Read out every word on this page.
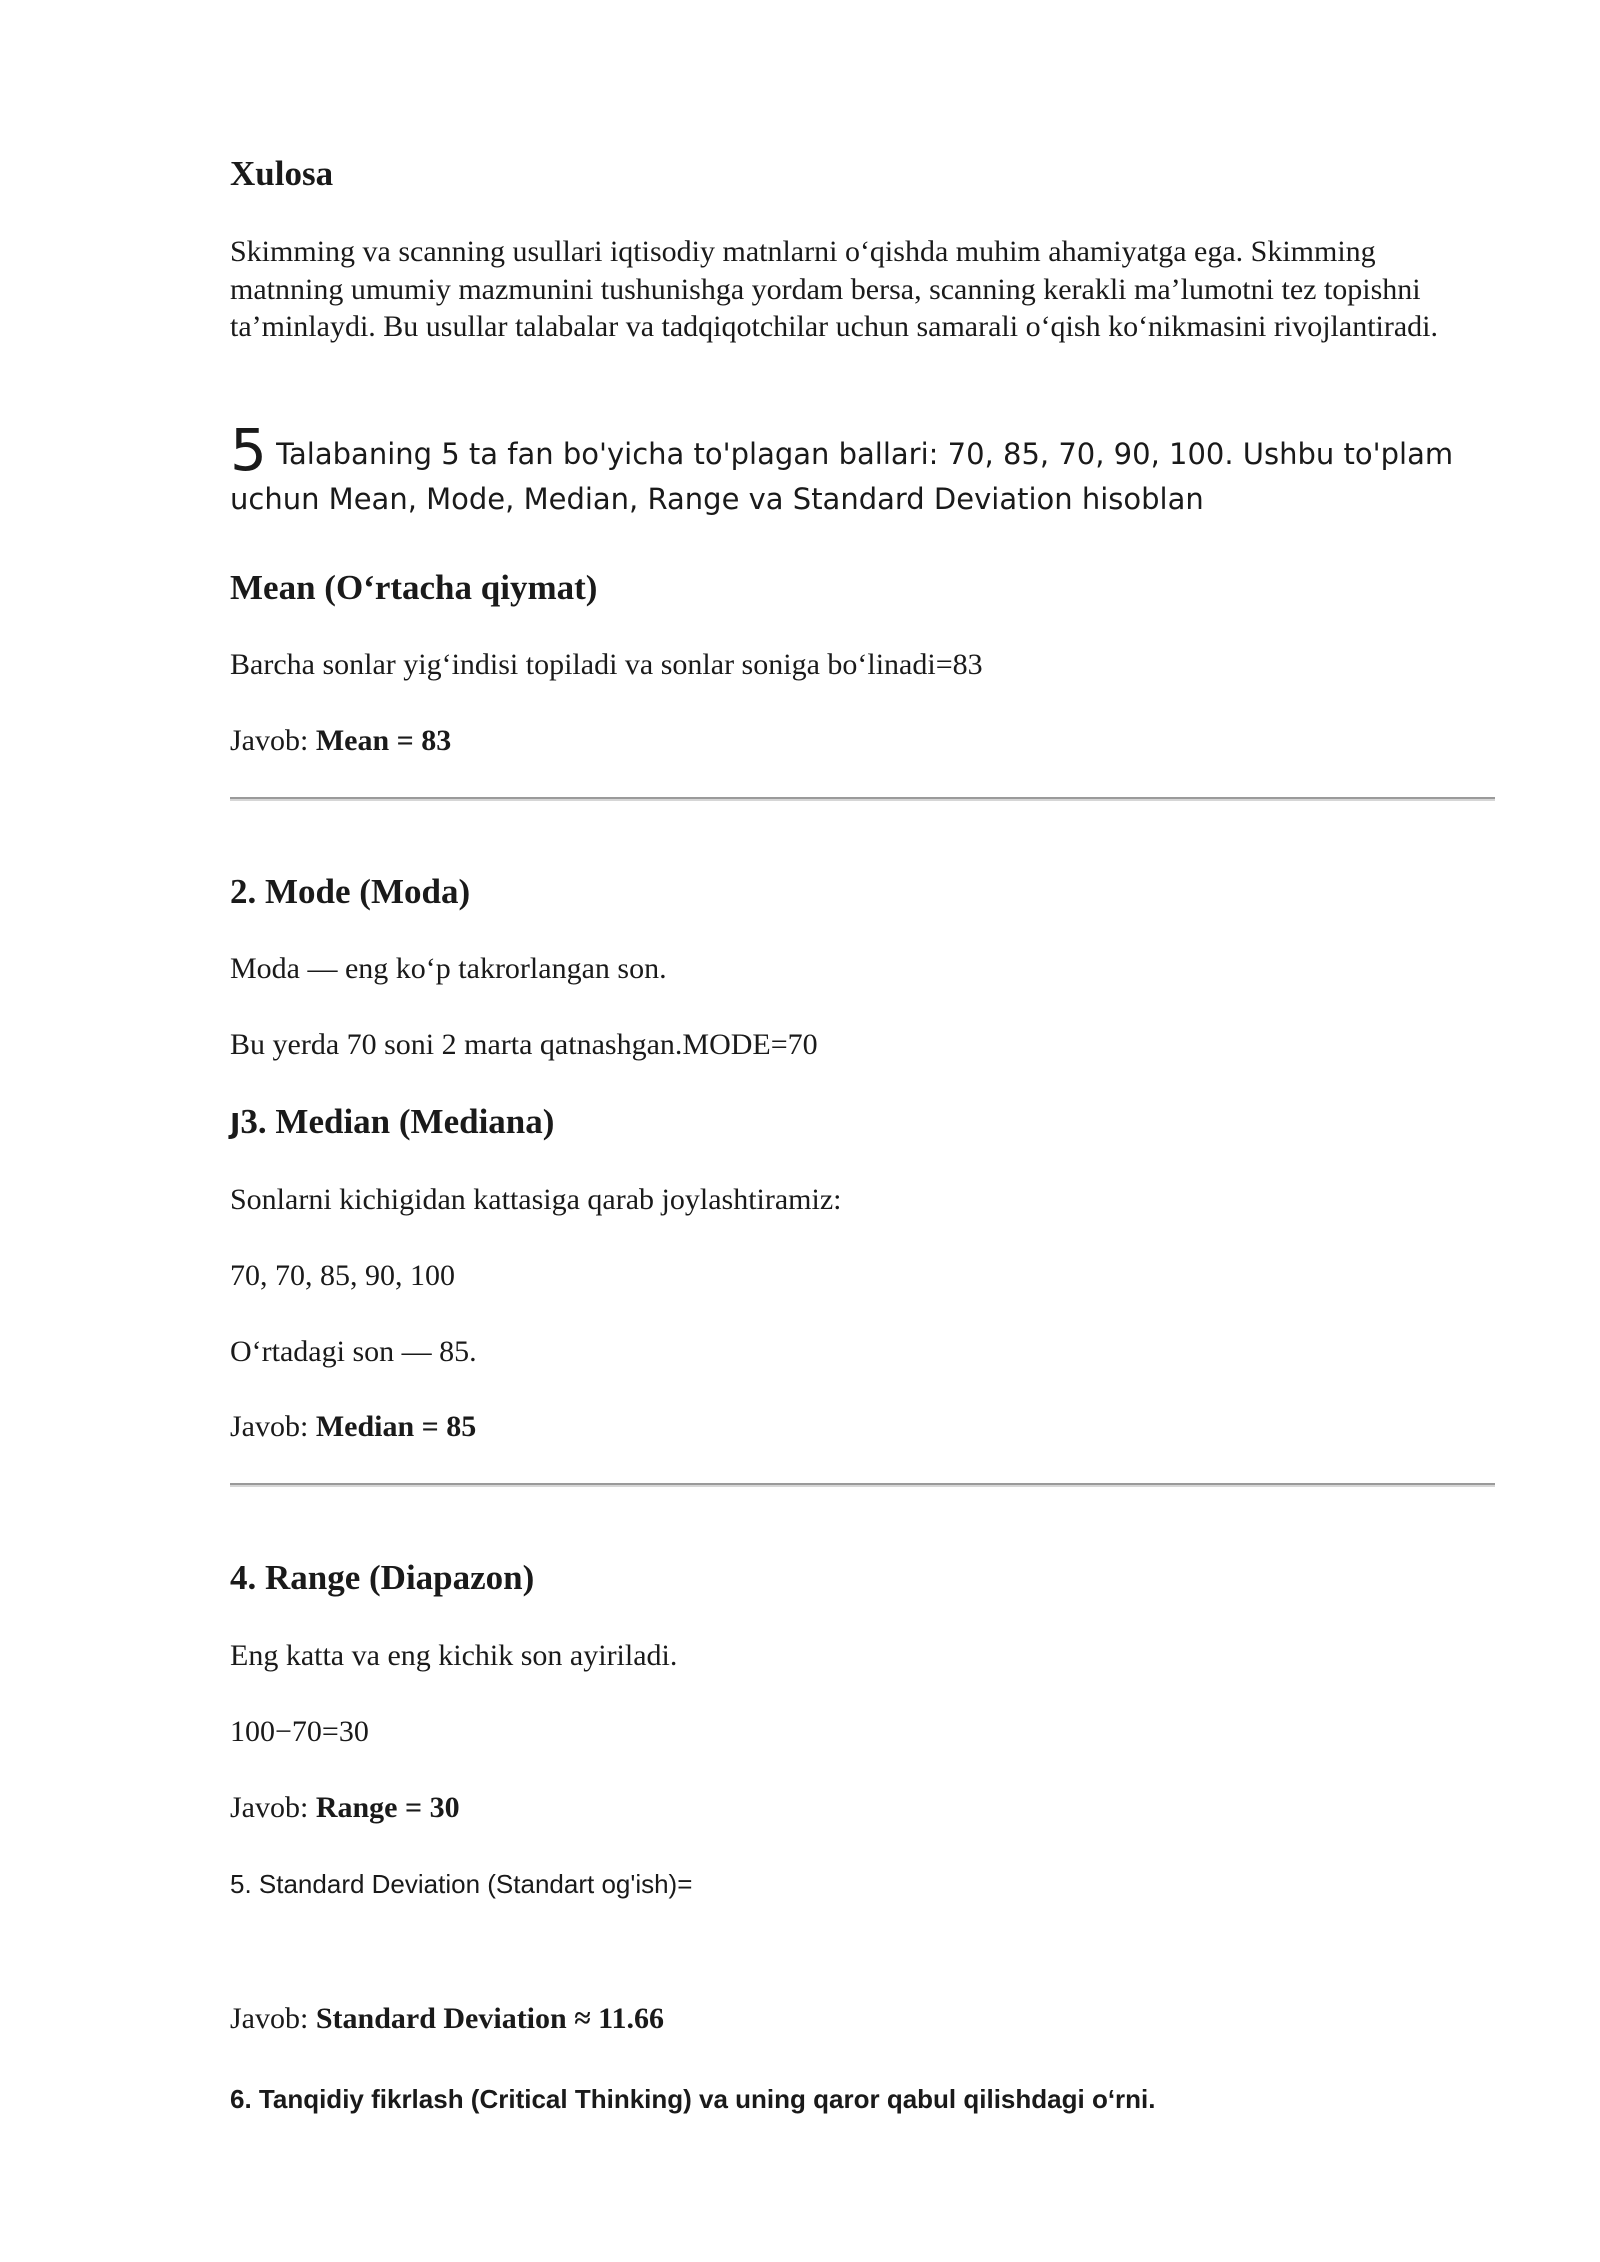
Xulosa
Skimming va scanning usullari iqtisodiy matnlarni o‘qishda muhim ahamiyatga ega. Skimming matnning umumiy mazmunini tushunishga yordam bersa, scanning kerakli ma’lumotni tez topishni ta’minlaydi. Bu usullar talabalar va tadqiqotchilar uchun samarali o‘qish ko‘nikmasini rivojlantiradi.
5 Talabaning 5 ta fan bo'yicha to'plagan ballari: 70, 85, 70, 90, 100. Ushbu to'plam uchun Mean, Mode, Median, Range va Standard Deviation hisoblan
Mean (O‘rtacha qiymat)
Barcha sonlar yig‘indisi topiladi va sonlar soniga bo‘linadi=83
Javob: Mean = 83
2. Mode (Moda)
Moda — eng ko‘p takrorlangan son.
Bu yerda 70 soni 2 marta qatnashgan.MODE=70
J3. Median (Mediana)
Sonlarni kichigidan kattasiga qarab joylashtiramiz:
70, 70, 85, 90, 100
O‘rtadagi son — 85.
Javob: Median = 85
4. Range (Diapazon)
Eng katta va eng kichik son ayiriladi.
100−70=30
Javob: Range = 30
5. Standard Deviation (Standart og'ish)=
Javob: Standard Deviation ≈ 11.66
6. Tanqidiy fikrlash (Critical Thinking) va uning qaror qabul qilishdagi o‘rni.
